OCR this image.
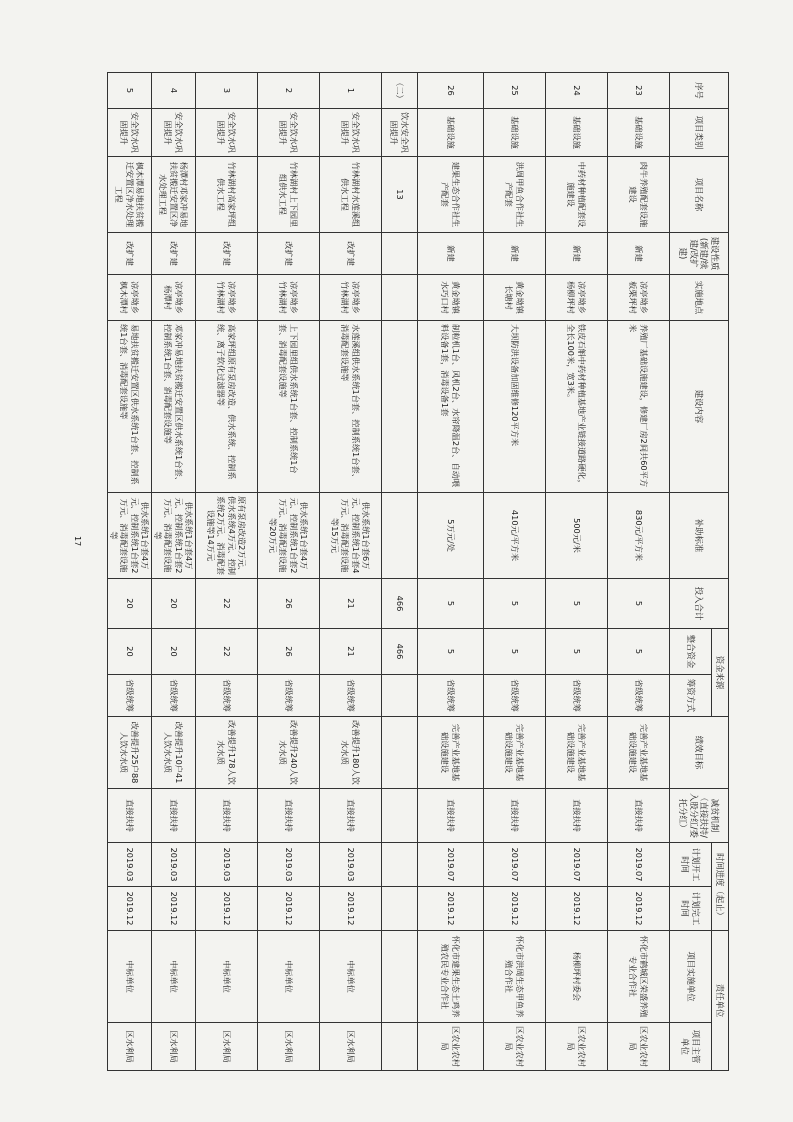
序号	项目类别	项目名称	建设性质(新建/续建/改扩建)	实施地点	建设内容	补助标准	投入合计	资金来源		绩效目标	减贫机制（直接扶持/入股分红/委托分红）	时间进度（起止）		责任单位	
								整合资金	筹资方式			计划开工时间	计划完工时间	项目实施单位	项目主管单位
23	基础设施	肉牛养殖配套设施建设	新建	凉亭坳乡板栗坪村	养殖厂基础设施建设，修建厂房2间共60平方米	830元/平方米	5	5	省级统筹	完善产业基地基础设施建设	直接扶持	2019.07	2019.12	怀化市鹤城区荣盛养殖专业合作社	区农业农村局
24	基础设施	中药材种植配套设施建设	新建	凉亭坳乡杨柳坪村	铁皮石斛中药材种植基地产业链接道路硬化，全长100米，宽3米。	500元/米	5	5	省级统筹	完善产业基地基础设施建设	直接扶持	2019.07	2019.12	杨柳坪村委会	区农业农村局
25	基础设施	洪周甲鱼合作社生产配套	新建	黄金坳镇长塘村	大坝防洪设备加固维修120平方米	410元/平方米	5	5	省级统筹	完善产业基地基础设施建设	直接扶持	2019.07	2019.12	怀化市洪周生态甲鱼养殖合作社	区农业农村局
26	基础设施	建果生态合作社生产配套	新建	黄金坳镇水巧口村	制粒机1台、风机2台、水帘降温2台、自动喂料设备1套，消毒设备1套	5万元/处	5	5	省级统筹	完善产业基地基础设施建设	直接扶持	2019.07	2019.12	怀化市建果生态土鸡养殖农民专业合作社	区农业农村局
（二）	饮水安全巩固提升	13					466	466							
1	安全饮水巩固提升	竹林湖村水莲溪组供水工程	改扩建	凉亭坳乡竹林湖村	水莲溪组供水系统1台套、控制系统1台套、消毒配套设施等	供水系统1台套6万元、控制系统1台套4万元、消毒配套设施等15万元	21	21	省级统筹	改善提升180人饮水水质	直接扶持	2019.03	2019.12	中标单位	区水利局
2	安全饮水巩固提升	竹林湖村上下园里组供水工程	改扩建	凉亭坳乡竹林湖村	上下园里组供水系统1台套、控制系统1台套、消毒配套设施等	供水系统1台套4万元、控制系统1台套2万元、消毒配套设施等20万元	26	26	省级统筹	改善提升240人饮水水质	直接扶持	2019.03	2019.12	中标单位	区水利局
3	安全饮水巩固提升	竹林湖村高家坪组供水工程	改扩建	凉亭坳乡竹林湖村	高家坪组原有泵房改造、供水系统、控制系统、离子软化过滤器等	原有泵房改造2万元、供水系统4万元、控制系统2万元、消毒配套设施等14万元	22	22	省级统筹	改善提升178人饮水水质	直接扶持	2019.03	2019.12	中标单位	区水利局
4	安全饮水巩固提升	杨潭村邓家冲易地扶贫搬迁安置区净水处理工程	改扩建	凉亭坳乡杨潭村	邓家冲易地扶贫搬迁安置区供水系统1台套、控制系统1台套、消毒配套设施等	供水系统1台套4万元、控制系统1台套2万元、消毒配套设施等	20	20	省级统筹	改善提升10户41人饮水水质	直接扶持	2019.03	2019.12	中标单位	区水利局
5	安全饮水巩固提升	枫木潭易地扶贫搬迁安置区净水处理工程	改扩建	凉亭坳乡枫木潭村	易地扶贫搬迁安置区供水系统1台套、控制系统1台套、消毒配套设施等	供水系统1台套4万元、控制系统1台套2万元、消毒配套设施等	20	20	省级统筹	改善提升25户88人饮水水质	直接扶持	2019.03	2019.12	中标单位	区水利局
17
